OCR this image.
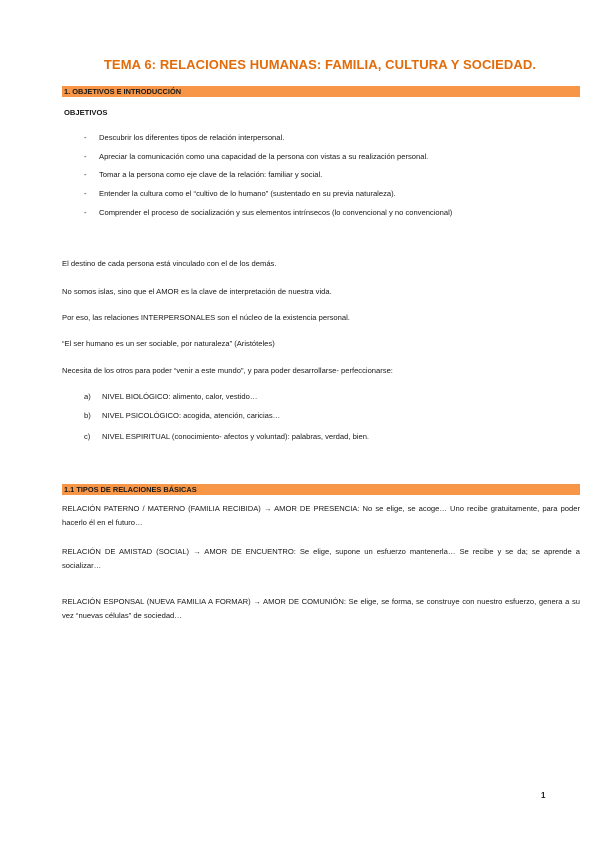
TEMA 6: RELACIONES HUMANAS: FAMILIA, CULTURA Y SOCIEDAD.
1. OBJETIVOS E INTRODUCCIÓN
OBJETIVOS
- Descubrir los diferentes tipos de relación interpersonal.
- Apreciar la comunicación como una capacidad de la persona con vistas a su realización personal.
- Tomar a la persona como eje clave de la relación: familiar y social.
- Entender la cultura como el “cultivo de lo humano” (sustentado en su previa naturaleza).
- Comprender el proceso de socialización y sus elementos intrínsecos (lo convencional y no convencional)
El destino de cada persona está vinculado con el de los demás.
No somos islas, sino que el AMOR es la clave de interpretación de nuestra vida.
Por eso, las relaciones INTERPERSONALES son el núcleo de la existencia personal.
“El ser humano es un ser sociable, por naturaleza” (Aristóteles)
Necesita de los otros para poder “venir a este mundo”, y para poder desarrollarse- perfeccionarse:
a) NIVEL BIOLÓGICO: alimento, calor, vestido…
b) NIVEL PSICOLÓGICO: acogida, atención, caricias…
c) NIVEL ESPIRITUAL (conocimiento- afectos y voluntad): palabras, verdad, bien.
1.1 TIPOS DE RELACIONES BÁSICAS
RELACIÓN PATERNO / MATERNO (FAMILIA RECIBIDA) → AMOR DE PRESENCIA: No se elige, se acoge… Uno recibe gratuitamente, para poder hacerlo él en el futuro…
RELACIÓN DE AMISTAD (SOCIAL) → AMOR DE ENCUENTRO: Se elige, supone un esfuerzo mantenerla… Se recibe y se da; se aprende a socializar…
RELACIÓN ESPONSAL (NUEVA FAMILIA A FORMAR) → AMOR DE COMUNIÓN: Se elige, se forma, se construye con nuestro esfuerzo, genera a su vez “nuevas células” de sociedad…
1
